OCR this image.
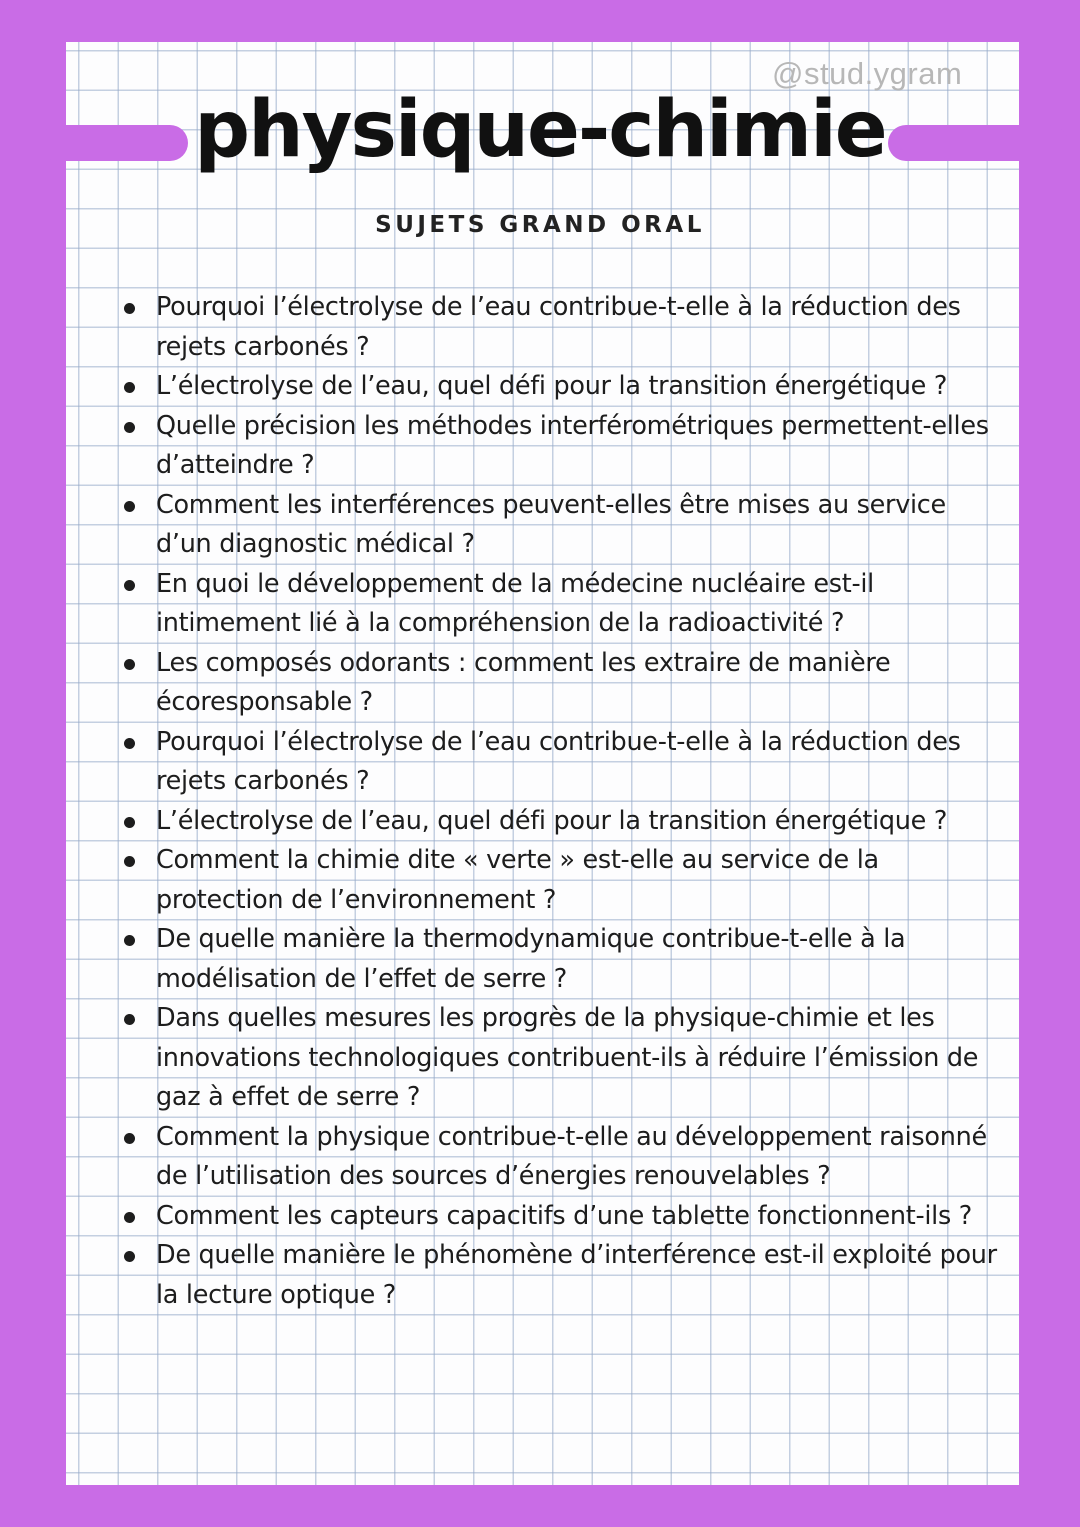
@stud.ygram
physique-chimie
SUJETS GRAND ORAL
Pourquoi l’électrolyse de l’eau contribue-t-elle à la réduction des rejets carbonés ?
L’électrolyse de l’eau, quel défi pour la transition énergétique ?
Quelle précision les méthodes interférométriques permettent-elles d’atteindre ?
Comment les interférences peuvent-elles être mises au service d’un diagnostic médical ?
En quoi le développement de la médecine nucléaire est-il intimement lié à la compréhension de la radioactivité ?
Les composés odorants : comment les extraire de manière écoresponsable ?
Pourquoi l’électrolyse de l’eau contribue-t-elle à la réduction des rejets carbonés ?
L’électrolyse de l’eau, quel défi pour la transition énergétique ?
Comment la chimie dite « verte » est-elle au service de la protection de l’environnement ?
De quelle manière la thermodynamique contribue-t-elle à la modélisation de l’effet de serre ?
Dans quelles mesures les progrès de la physique-chimie et les innovations technologiques contribuent-ils à réduire l’émission de gaz à effet de serre ?
Comment la physique contribue-t-elle au développement raisonné de l’utilisation des sources d’énergies renouvelables ?
Comment les capteurs capacitifs d’une tablette fonctionnent-ils ?
De quelle manière le phénomène d’interférence est-il exploité pour la lecture optique ?
